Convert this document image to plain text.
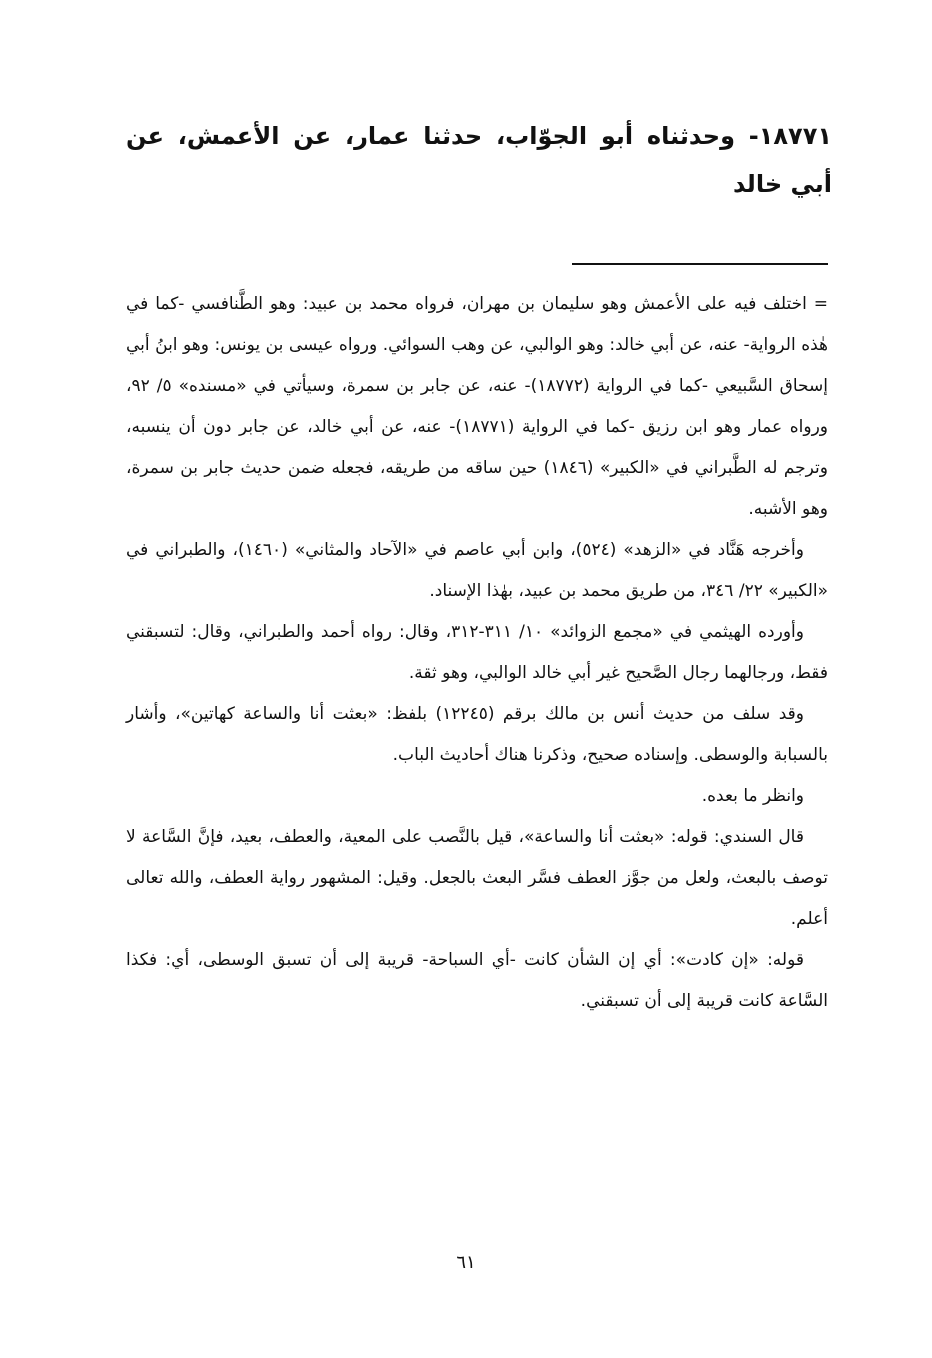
١٨٧٧١- وحدثناه أبو الجوّاب، حدثنا عمار، عن الأعمش، عن أبي خالد

= اختلف فيه على الأعمش وهو سليمان بن مهران، فرواه محمد بن عبيد: وهو الطَّنافسي -كما في هٰذه الرواية- عنه، عن أبي خالد: وهو الوالبي، عن وهب السوائي. ورواه عيسى بن يونس: وهو ابنُ أبي إسحاق السَّبيعي -كما في الرواية (١٨٧٧٢)- عنه، عن جابر بن سمرة، وسيأتي في «مسنده» ٥/ ٩٢، ورواه عمار وهو ابن رزيق -كما في الرواية (١٨٧٧١)- عنه، عن أبي خالد، عن جابر دون أن ينسبه، وترجم له الطَّبراني في «الكبير» (١٨٤٦) حين ساقه من طريقه، فجعله ضمن حديث جابر بن سمرة، وهو الأشبه.

وأخرجه هَنَّاد في «الزهد» (٥٢٤)، وابن أبي عاصم في «الآحاد والمثاني» (١٤٦٠)، والطبراني في «الكبير» ٢٢/ ٣٤٦، من طريق محمد بن عبيد، بهٰذا الإسناد.

وأورده الهيثمي في «مجمع الزوائد» ١٠/ ٣١١-٣١٢، وقال: رواه أحمد والطبراني، وقال: لتسبقني فقط، ورجالهما رجال الصَّحيح غير أبي خالد الوالبي، وهو ثقة.

وقد سلف من حديث أنس بن مالك برقم (١٢٢٤٥) بلفظ: «بعثت أنا والساعة كهاتين»، وأشار بالسبابة والوسطى. وإسناده صحيح، وذكرنا هناك أحاديث الباب.

وانظر ما بعده.

قال السندي: قوله: «بعثت أنا والساعة»، قيل بالنَّصب على المعية، والعطف، بعيد، فإنَّ السَّاعة لا توصف بالبعث، ولعل من جوَّز العطف فسَّر البعث بالجعل. وقيل: المشهور رواية العطف، والله تعالى أعلم.

قوله: «إن كادت»: أي إن الشأن كانت -أي السباحة- قريبة إلى أن تسبق الوسطى، أي: فكذا السَّاعة كانت قريبة إلى أن تسبقني.

٦١
